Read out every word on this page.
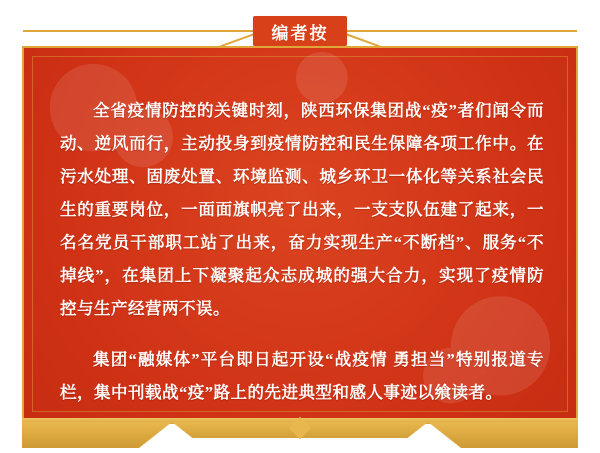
编者按

全省疫情防控的关键时刻，陕西环保集团战“疫”者们闻令而动、逆风而行，主动投身到疫情防控和民生保障各项工作中。在污水处理、固废处置、环境监测、城乡环卫一体化等关系社会民生的重要岗位，一面面旗帜亮了出来，一支支队伍建了起来，一名名党员干部职工站了出来，奋力实现生产“不断档”、服务“不掉线”，在集团上下凝聚起众志成城的强大合力，实现了疫情防控与生产经营两不误。

集团“融媒体”平台即日起开设“战疫情 勇担当”特别报道专栏，集中刊载战“疫”路上的先进典型和感人事迹以飨读者。
